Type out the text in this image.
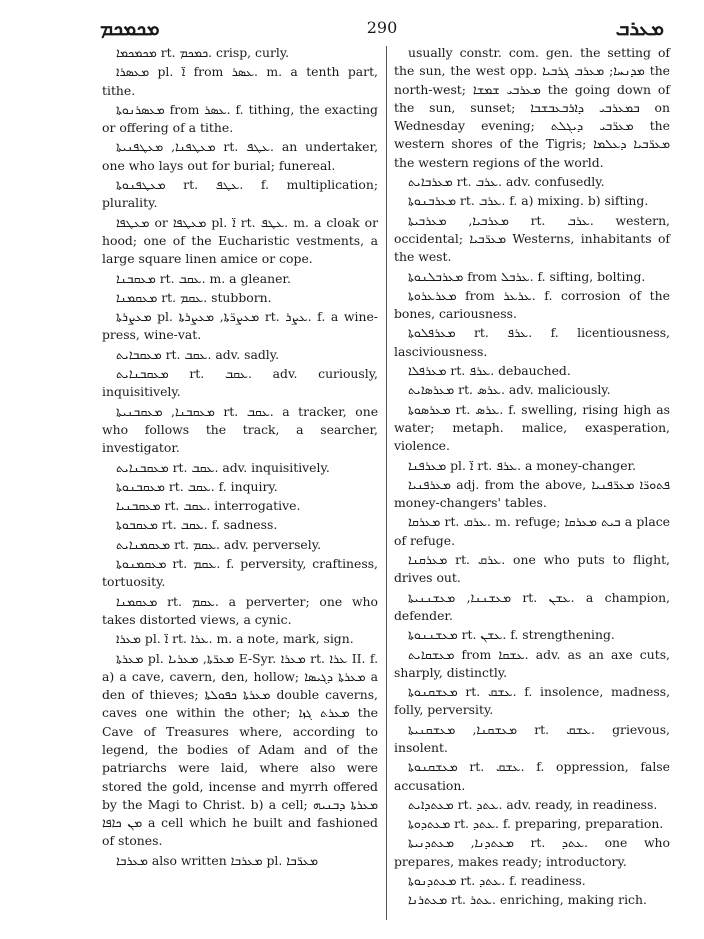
ܡܟܡܟܡ	290	ܡܥܪܒ

ܡܟܡܟܡܐ rt. ܟܡܟܡ. crisp, curly.

ܡܥܣܪܐ pl. ܐ̈ from ܥܣܪ. m. a tenth part, tithe.

ܡܥܣܪܢܘܬܐ from ܥܣܪ. f. tithing, the exacting or offering of a tithe.

ܡܥܛܦܢܐ, ܡܥܛܦܢܝܬܐ rt. ܥܛܦ. an undertaker, one who lays out for burial; funereal.

ܡܥܛܦܢܘܬܐ rt. ܥܛܦ. f. multiplication; plurality.

ܡܥܛܦܐ or ܡܥܛܦܐ pl. ܐ̈ rt. ܥܛܦ. m. a cloak or hood; one of the Eucharistic vestments, a large square linen amice or cope.

ܡܥܩܒܢܐ rt. ܥܩܒ. m. a gleaner.

ܡܥܩܡܢܐ rt. ܥܩܡ. stubborn.

ܡܥܨܪܬܐ pl. ܡܥܨܪ̈ܬܐ, ܡܥܨܪܬܐ rt. ܥܨܪ. f. a wine-press, wine-vat.

ܡܥܩܒܐܝܬ rt. ܥܩܒ. adv. sadly.

ܡܥܩܒܢܐܝܬ rt. ܥܩܒ. adv. curiously, inquisitively.

ܡܥܩܒܢܐ, ܡܥܩܒܢܝܬܐ rt. ܥܩܒ. a tracker, one who follows the track, a searcher, investigator.

ܡܥܩܒܢܐܝܬ rt. ܥܩܒ. adv. inquisitively.

ܡܥܩܒܢܘܬܐ rt. ܥܩܒ. f. inquiry.

ܡܥܩܒܢܝܐ rt. ܥܩܒ. interrogative.

ܡܥܩܒܘܬܐ rt. ܥܩܒ. f. sadness.

ܡܥܩܡܢܐܝܬ rt. ܥܩܡ. adv. perversely.

ܡܥܩܡܢܘܬܐ rt. ܥܩܡ. f. perversity, craftiness, tortuosity.

ܡܥܩܡܢܐ rt. ܥܩܡ. a perverter; one who takes distorted views, a cynic.

ܡܥܪܐ pl. ܐ̈ rt. ܥܪܐ. m. a note, mark, sign.

ܡܥܪܬܐ pl. ܡܥܪ̈ܬܐ, ܡܥܪܝܐ E-Syr. ܡܥܪܐ rt. ܥܪܐ II. f. a) a cave, cavern, den, hollow; ܡܥܪܬܐ ܕܓܝܣܐ a den of thieves; ܡܥܪܬܐ ܟܦܘܠܬܐ double caverns, caves one within the other; ܡܥܪܬ ܓܙܐ the Cave of Treasures where, according to legend, the bodies of Adam and of the patriarchs were laid, where also were stored the gold, incense and myrrh offered by the Magi to Christ. b) a cell; ܡܥܪܬܐ ܕܒܢܝܗ ܡܢ ܟܐܦܐ a cell which he built and fashioned of stones.

ܡܥܪܒܐ also written ܡܥܪܒܐ pl. ܡܥܪ̈ܒܐ

usually constr. com. gen. the setting of the sun, the west opp. ܡܕܢܚܐ; ܡܥܪܒ ܓܪܒܝܐ the north-west; ܡܥܪܒܝ ܫܡܫܐ the going down of the sun, sunset; ܒܡܥܪܒܝ ܕܐܪܒܥܒܫܒܐ on Wednesday evening; ܡܥܪ̈ܒܝ ܕܝܓܠܬ the western shores of the Tigris; ܡܥܪ̈ܒܝܐ ܕܥܠܡܐ the western regions of the world.

ܡܥܪܒܐܝܬ rt. ܥܪܒ. adv. confusedly.

ܡܥܪܒܢܘܬܐ rt. ܥܪܒ. f. a) mixing. b) sifting.

ܡܥܪܒܝܐ, ܡܥܪܒܝܬܐ rt. ܥܪܒ. western, occidental; ܡܥܪ̈ܒܝܐ Westerns, inhabitants of the west.

ܡܥܪܒܠܢܘܬܐ from ܥܪܒܠ. f. sifting, bolting.

ܡܥܪܥܪܘܬܐ from ܥܪܥܪ. f. corrosion of the bones, cariousness.

ܡܥܪܦܠܘܬܐ rt. ܥܪܦ. f. licentiousness, lasciviousness.

ܡܥܪܦܠܐ rt. ܥܪܦ. debauched.

ܡܥܪܣܐܝܬ rt. ܥܪܣ. adv. maliciously.

ܡܥܪܣܘܬܐ rt. ܥܪܣ. f. swelling, rising high as water; metaph. malice, exasperation, violence.

ܡܥܪܦܢܐ pl. ܐ̈ rt. ܥܪܦ. a money-changer.

ܡܥܪܦܢܝܐ adj. from the above, ܦܬܘܪ̈ܐ ܡܥܪ̈ܦܢܝܐ money-changers' tables.

ܡܥܪܩܐ rt. ܥܪܩ. m. refuge; ܒܝܬ ܡܥܪܩܐ a place of refuge.

ܡܥܪܩܢܐ rt. ܥܪܩ. one who puts to flight, drives out.

ܡܥܫܢܢܐ, ܡܥܫܢܢܝܬܐ rt. ܥܫܢ. a champion, defender.

ܡܥܫܢܢܘܬܐ rt. ܥܫܢ. f. strengthening.

ܡܥܫܩܐܝܬ from ܥܫܩܐ. adv. as an axe cuts, sharply, distinctly.

ܡܥܫܩܢܘܬܐ rt. ܥܫܩ. f. insolence, madness, folly, perversity.

ܡܥܫܩܢܐ, ܡܥܫܩܢܝܬܐ rt. ܥܫܩ. grievous, insolent.

ܡܥܫܩܢܘܬܐ rt. ܥܫܩ. f. oppression, false accusation.

ܡܥܬܕܐܝܬ rt. ܥܬܕ. adv. ready, in readiness.

ܡܥܬܕܘܬܐ rt. ܥܬܕ. f. preparing, preparation.

ܡܥܬܕܢܐ, ܡܥܬܕܢܝܬܐ rt. ܥܬܕ. one who prepares, makes ready; introductory.

ܡܥܬܕܢܘܬܐ rt. ܥܬܕ. f. readiness.

ܡܥܬܪܢܐ rt. ܥܬܪ. enriching, making rich.
